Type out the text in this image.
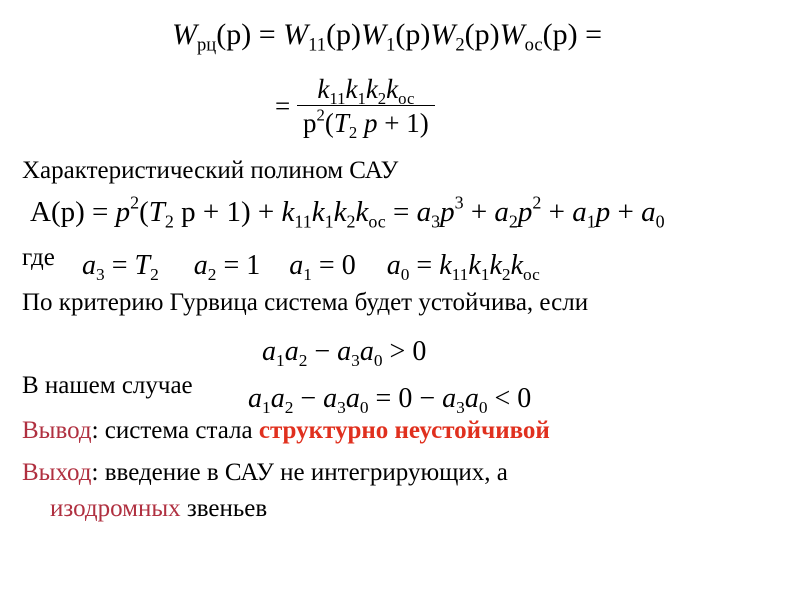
$W_{рц}(p) = W_{11}(p)W_1(p)W_2(p)W_{ос}(p)$ =
= $\frac{k_{11}k_1k_2k_{ос}}{p^2(T_2 p + 1)}$
Характеристический полином САУ
$A(p) = p^2(T_2$ $p + 1) + k_{11}k_1k_2k_{ос} = a_3p^3 + a_2p^2 + a_1p + a_0$
где $a_3 = T_2$ $a_2 = 1$ $a_1 = 0$ $a_0 = k_{11}k_1k_2k_{ос}$
По критерию Гурвица система будет устойчива, если
$a_1a_2 - a_3a_0 > 0$
В нашем случае $a_1a_2 - a_3a_0 = 0 - a_3a_0 < 0$
Вывод: система стала структурно неустойчивой
Выход: введение в САУ не интегрирующих, а
изодромных звеньев
